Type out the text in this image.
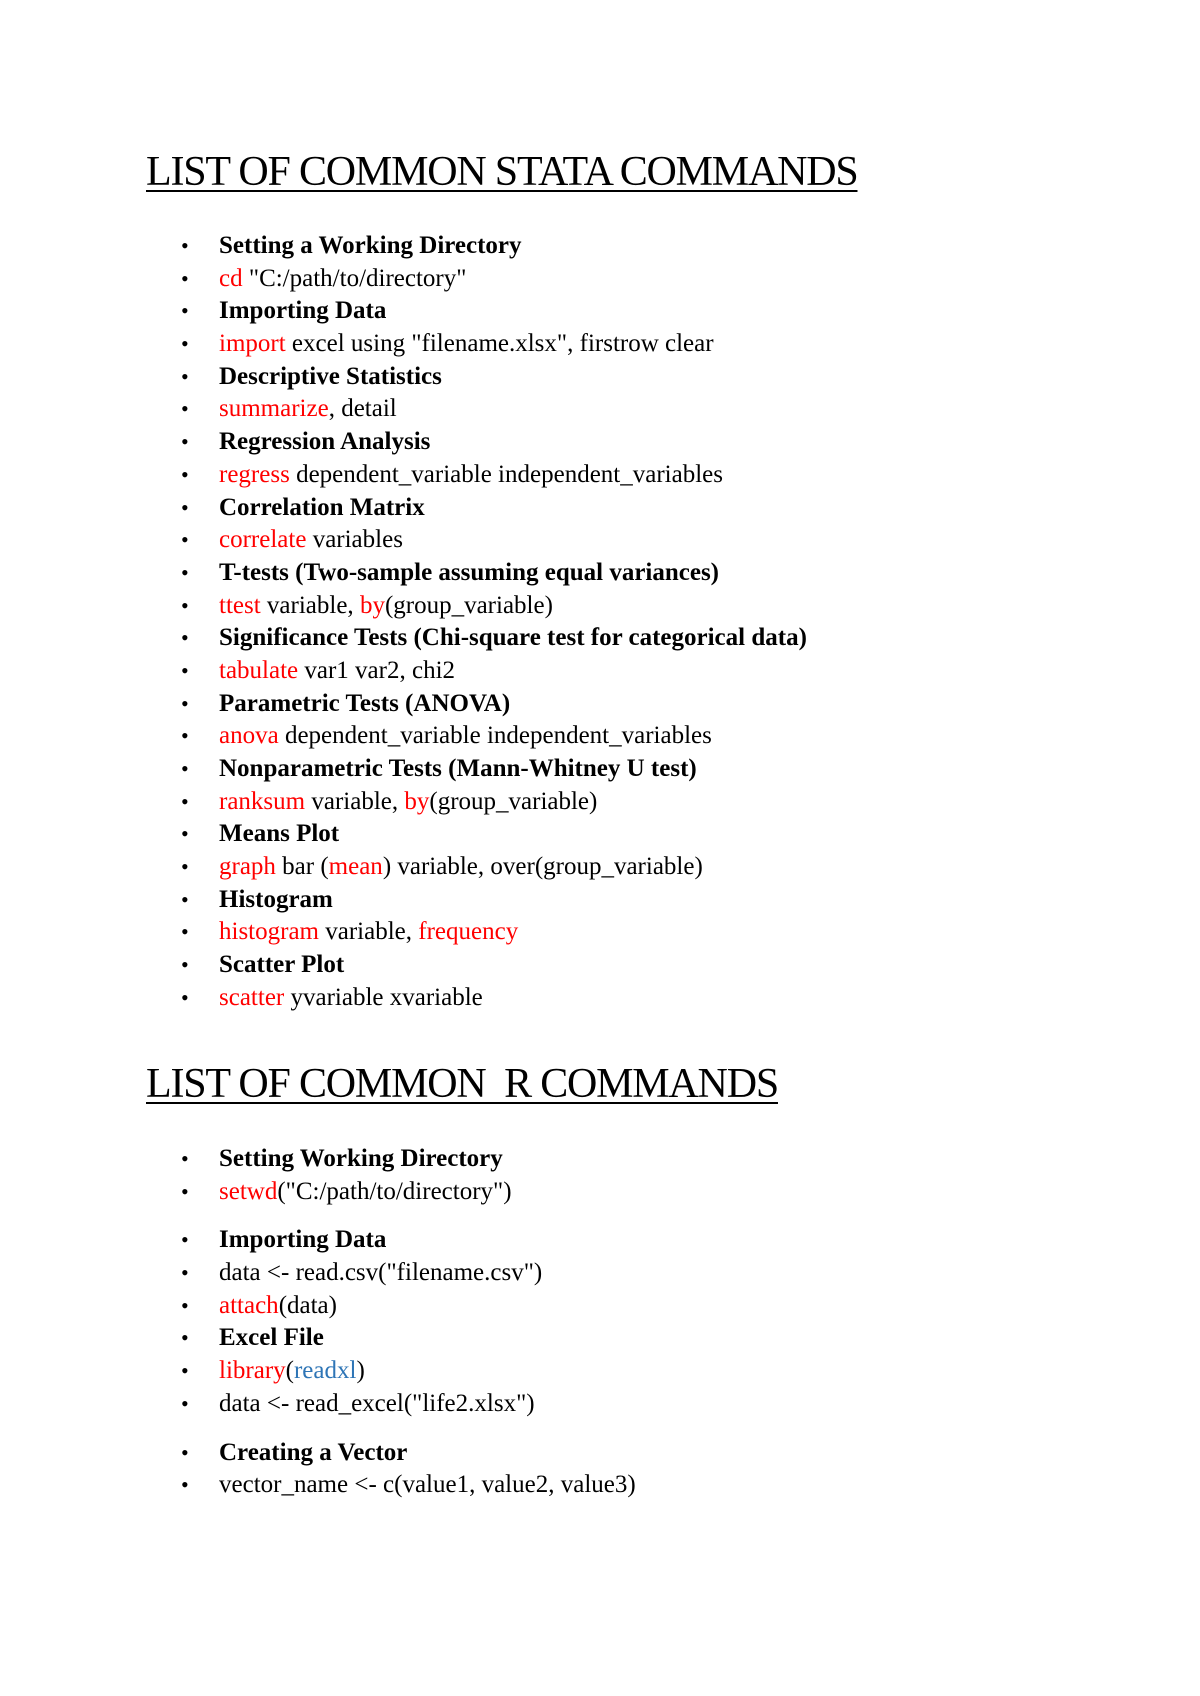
LIST OF COMMON STATA COMMANDS
• Setting a Working Directory
• cd "C:/path/to/directory"
• Importing Data
• import excel using "filename.xlsx", firstrow clear
• Descriptive Statistics
• summarize, detail
• Regression Analysis
• regress dependent_variable independent_variables
• Correlation Matrix
• correlate variables
• T-tests (Two-sample assuming equal variances)
• ttest variable, by(group_variable)
• Significance Tests (Chi-square test for categorical data)
• tabulate var1 var2, chi2
• Parametric Tests (ANOVA)
• anova dependent_variable independent_variables
• Nonparametric Tests (Mann-Whitney U test)
• ranksum variable, by(group_variable)
• Means Plot
• graph bar (mean) variable, over(group_variable)
• Histogram
• histogram variable, frequency
• Scatter Plot
• scatter yvariable xvariable
LIST OF COMMON  R COMMANDS
• Setting Working Directory
• setwd("C:/path/to/directory")
• Importing Data
• data <- read.csv("filename.csv")
• attach(data)
• Excel File
• library(readxl)
• data <- read_excel("life2.xlsx")
• Creating a Vector
• vector_name <- c(value1, value2, value3)
